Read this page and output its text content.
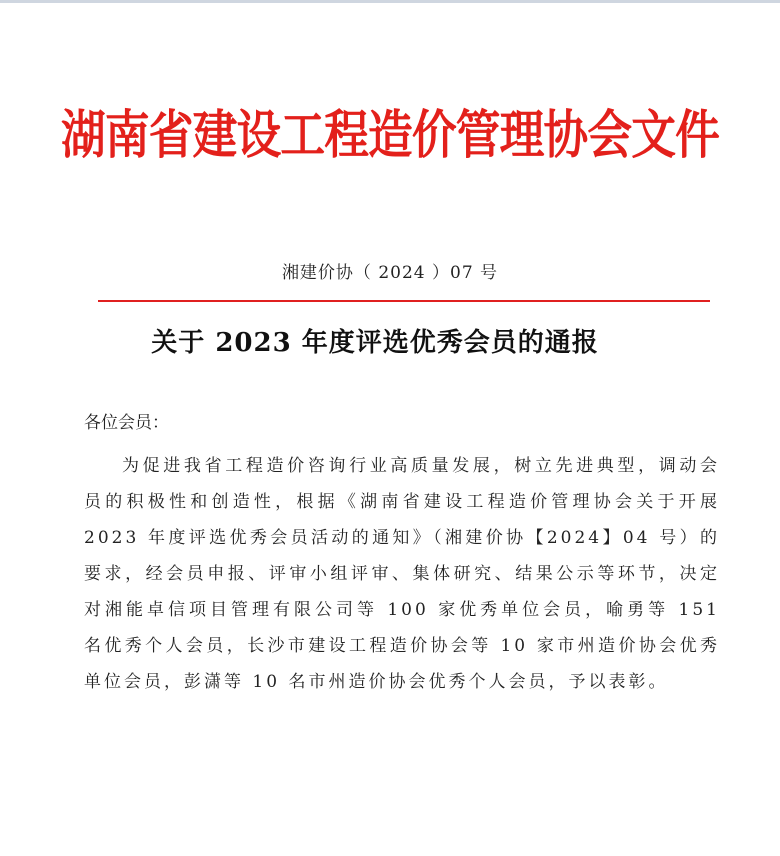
湖南省建设工程造价管理协会文件
湘建价协（ 2024 ）07 号
关于 2023 年度评选优秀会员的通报
各位会员：

为促进我省工程造价咨询行业高质量发展，树立先进典型，调动会员的积极性和创造性，根据《湖南省建设工程造价管理协会关于开展 2023 年度评选优秀会员活动的通知》（湘建价协【2024】04 号）的要求，经会员申报、评审小组评审、集体研究、结果公示等环节，决定对湘能卓信项目管理有限公司等 100 家优秀单位会员，喻勇等 151 名优秀个人会员，长沙市建设工程造价协会等 10 家市州造价协会优秀单位会员，彭潇等 10 名市州造价协会优秀个人会员，予以表彰。
